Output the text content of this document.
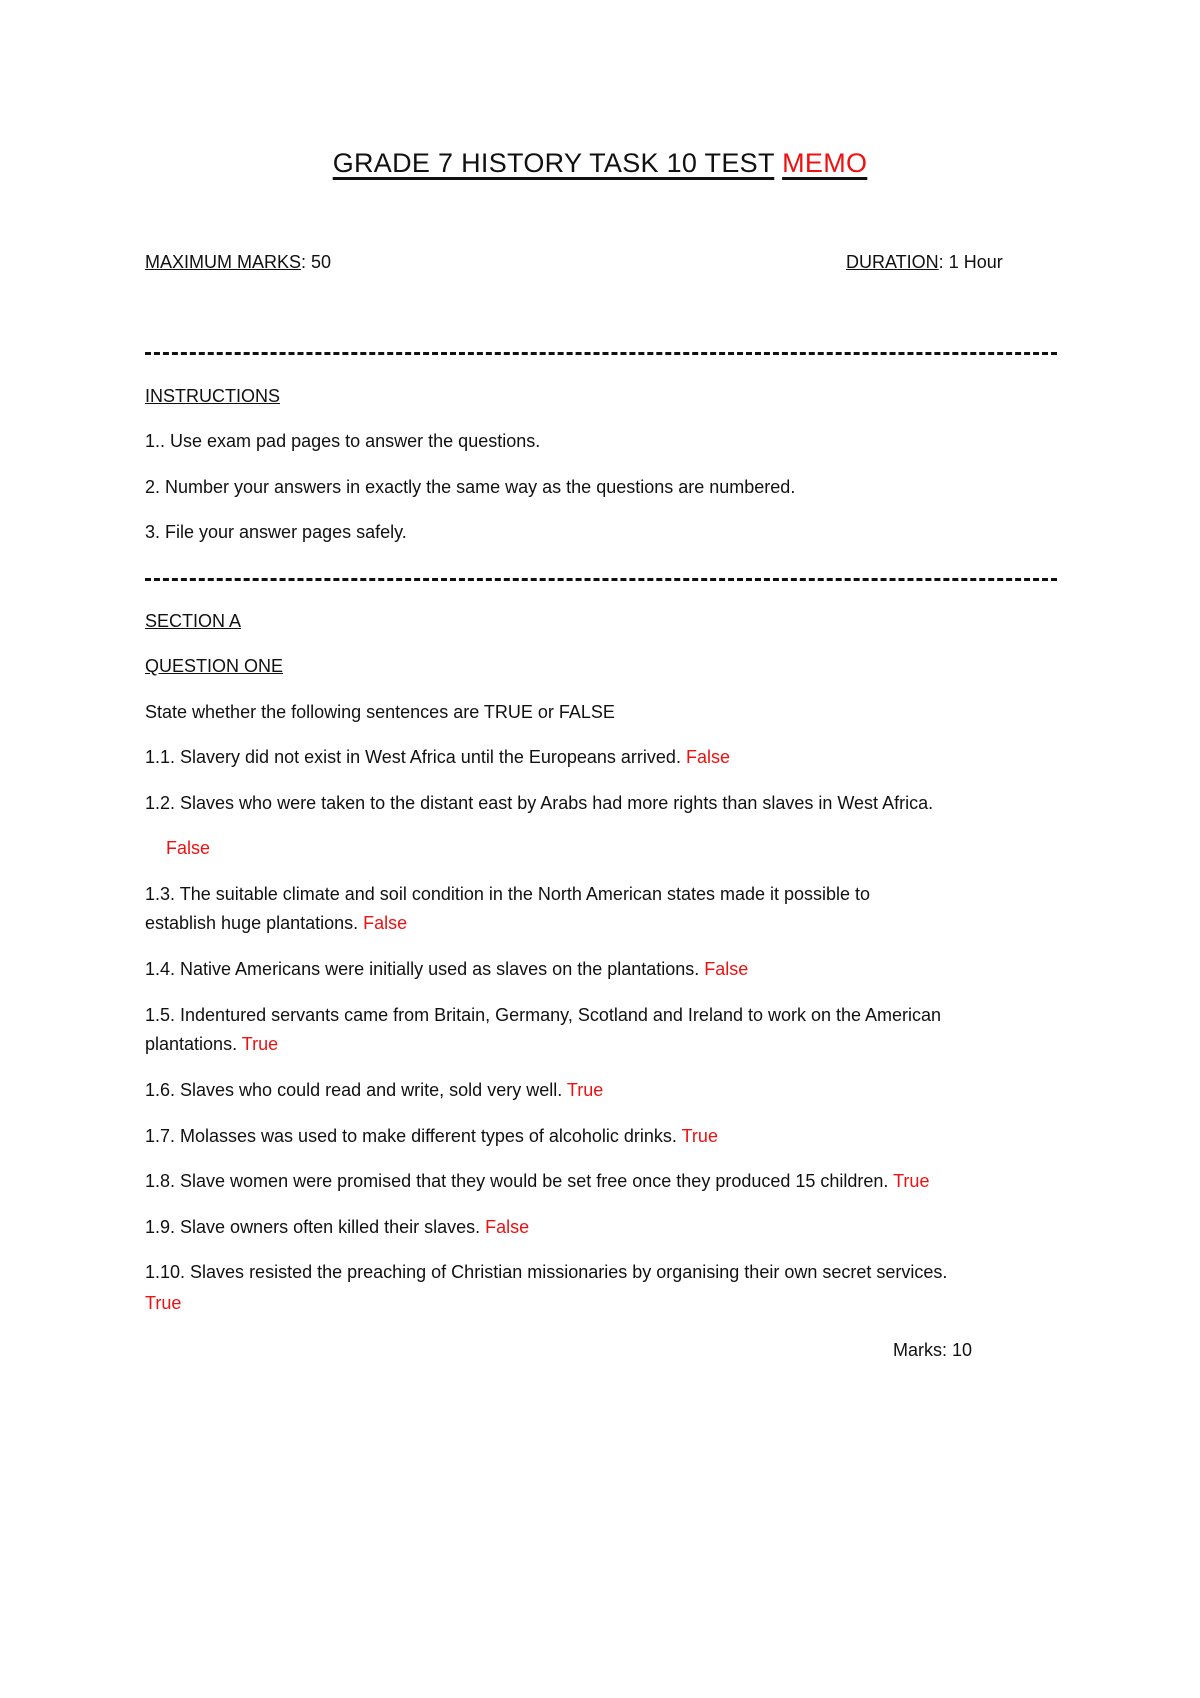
GRADE 7 HISTORY TASK 10 TEST MEMO
MAXIMUM MARKS: 50	DURATION: 1 Hour
INSTRUCTIONS
1.. Use exam pad pages to answer the questions.
2. Number your answers in exactly the same way as the questions are numbered.
3. File your answer pages safely.
SECTION A
QUESTION ONE
State whether the following sentences are TRUE or FALSE
1.1. Slavery did not exist in West Africa until the Europeans arrived. False
1.2. Slaves who were taken to the distant east by Arabs had more rights than slaves in West Africa.
False
1.3. The suitable climate and soil condition in the North American states made it possible to
establish huge plantations. False
1.4. Native Americans were initially used as slaves on the plantations. False
1.5. Indentured servants came from Britain, Germany, Scotland and Ireland to work on the American
plantations. True
1.6. Slaves who could read and write, sold very well. True
1.7. Molasses was used to make different types of alcoholic drinks. True
1.8. Slave women were promised that they would be set free once they produced 15 children. True
1.9. Slave owners often killed their slaves. False
1.10. Slaves resisted the preaching of Christian missionaries by organising their own secret services.
True
Marks: 10
